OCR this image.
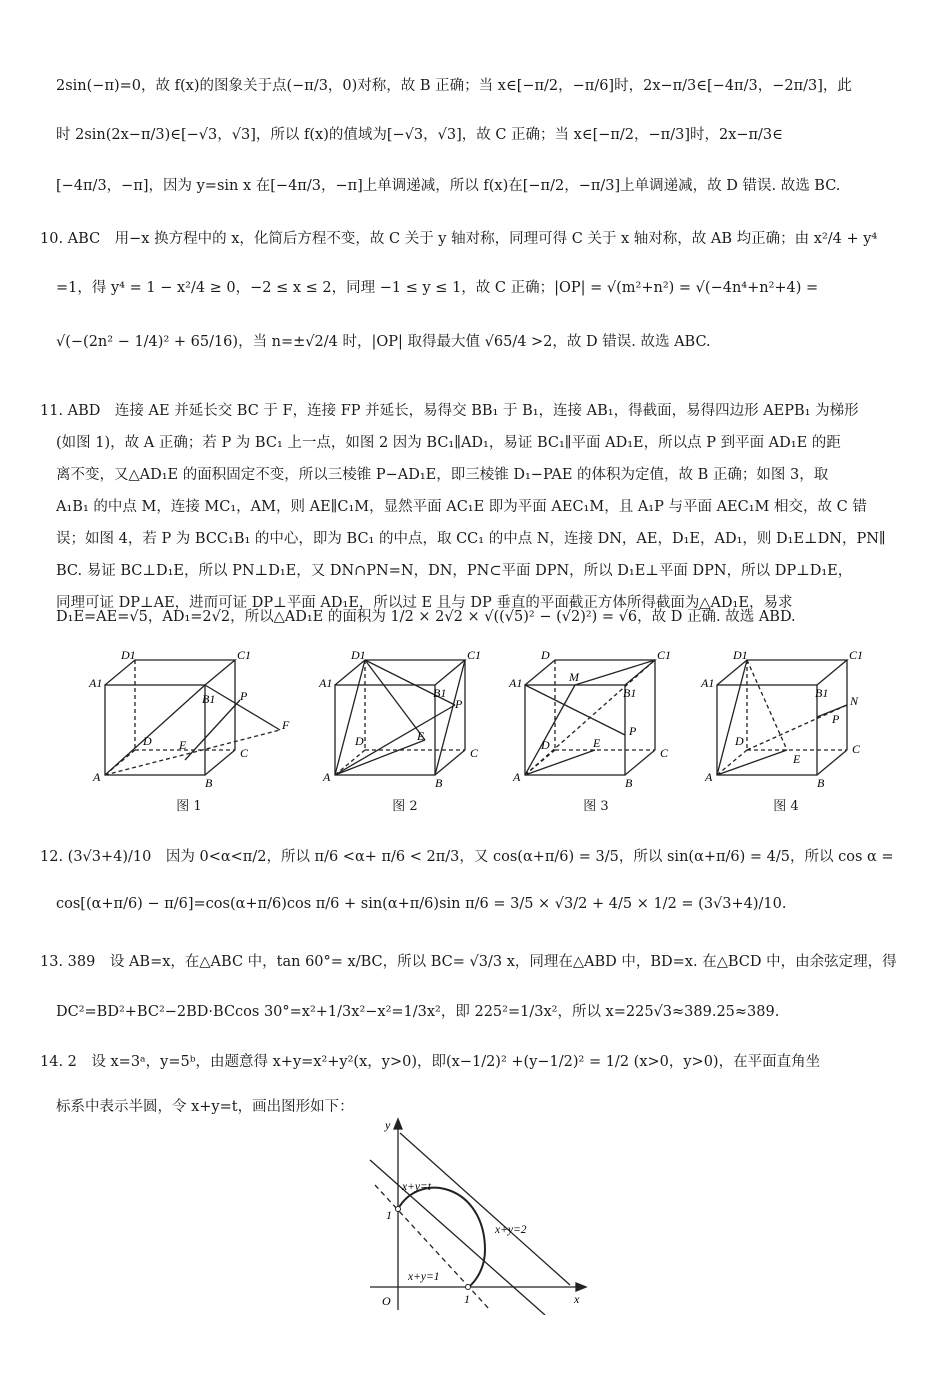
2sin(−π)=0，故 f(x)的图象关于点(−π/3，0)对称，故 B 正确；当 x∈[−π/2，−π/6]时，2x−π/3∈[−4π/3，−2π/3]，此
时 2sin(2x−π/3)∈[−√3，√3]，所以 f(x)的值域为[−√3，√3]，故 C 正确；当 x∈[−π/2，−π/3]时，2x−π/3∈
[−4π/3，−π]，因为 y=sin x 在[−4π/3，−π]上单调递减，所以 f(x)在[−π/2，−π/3]上单调递减，故 D 错误. 故选 BC.
10. ABC　用−x 换方程中的 x，化简后方程不变，故 C 关于 y 轴对称，同理可得 C 关于 x 轴对称，故 AB 均正确；由 x²/4 + y⁴
=1，得 y⁴ = 1 − x²/4 ≥ 0，−2 ≤ x ≤ 2，同理 −1 ≤ y ≤ 1，故 C 正确；|OP| = √(m²+n²) = √(−4n⁴+n²+4) =
√(−(2n² − 1/4)² + 65/16)，当 n=±√2/4 时，|OP| 取得最大值 √65/4 >2，故 D 错误. 故选 ABC.
11. ABD　连接 AE 并延长交 BC 于 F，连接 FP 并延长，易得交 BB₁ 于 B₁，连接 AB₁，得截面，易得四边形 AEPB₁ 为梯形
(如图 1)，故 A 正确；若 P 为 BC₁ 上一点，如图 2 因为 BC₁∥AD₁，易证 BC₁∥平面 AD₁E，所以点 P 到平面 AD₁E 的距
离不变，又△AD₁E 的面积固定不变，所以三棱锥 P−AD₁E，即三棱锥 D₁−PAE 的体积为定值，故 B 正确；如图 3，取
A₁B₁ 的中点 M，连接 MC₁，AM，则 AE∥C₁M，显然平面 AC₁E 即为平面 AEC₁M，且 A₁P 与平面 AEC₁M 相交，故 C 错
误；如图 4，若 P 为 BCC₁B₁ 的中心，即为 BC₁ 的中点，取 CC₁ 的中点 N，连接 DN，AE，D₁E，AD₁，则 D₁E⊥DN，PN∥
BC. 易证 BC⊥D₁E，所以 PN⊥D₁E，又 DN∩PN=N，DN，PN⊂平面 DPN，所以 D₁E⊥平面 DPN，所以 DP⊥D₁E，
同理可证 DP⊥AE，进而可证 DP⊥平面 AD₁E，所以过 E 且与 DP 垂直的平面截正方体所得截面为△AD₁E，易求
D₁E=AE=√5，AD₁=2√2，所以△AD₁E 的面积为 1/2 × 2√2 × √((√5)² − (√2)²) = √6，故 D 正确. 故选 ABD.
D1	C1
A1
B1 P
F
D E
C
A	B
D1	C1
A1
B1
P
D	E
C
A	B
D	C1
A1	M
B1
P
D	E
C
A	B
D1	C1
A1
B1
N
P
D
E
C
A	B
图 1	图 2	图 3	图 4
12. (3√3+4)/10　因为 0<α<π/2，所以 π/6 <α+ π/6 < 2π/3，又 cos(α+π/6) = 3/5，所以 sin(α+π/6) = 4/5，所以 cos α =
cos[(α+π/6) − π/6]=cos(α+π/6)cos π/6 + sin(α+π/6)sin π/6 = 3/5 × √3/2 + 4/5 × 1/2 = (3√3+4)/10.
13. 389　设 AB=x，在△ABC 中，tan 60°= x/BC，所以 BC= √3/3 x，同理在△ABD 中，BD=x. 在△BCD 中，由余弦定理，得
DC²=BD²+BC²−2BD·BCcos 30°=x²+1/3x²−x²=1/3x²，即 225²=1/3x²，所以 x=225√3≈389.25≈389.
14. 2　设 x=3ᵃ，y=5ᵇ，由题意得 x+y=x²+y²(x，y>0)，即(x−1/2)² +(y−1/2)² = 1/2 (x>0，y>0)，在平面直角坐
标系中表示半圆，令 x+y=t，画出图形如下：
y
x
O	1
1
x+y=t
x+y=2
x+y=1
